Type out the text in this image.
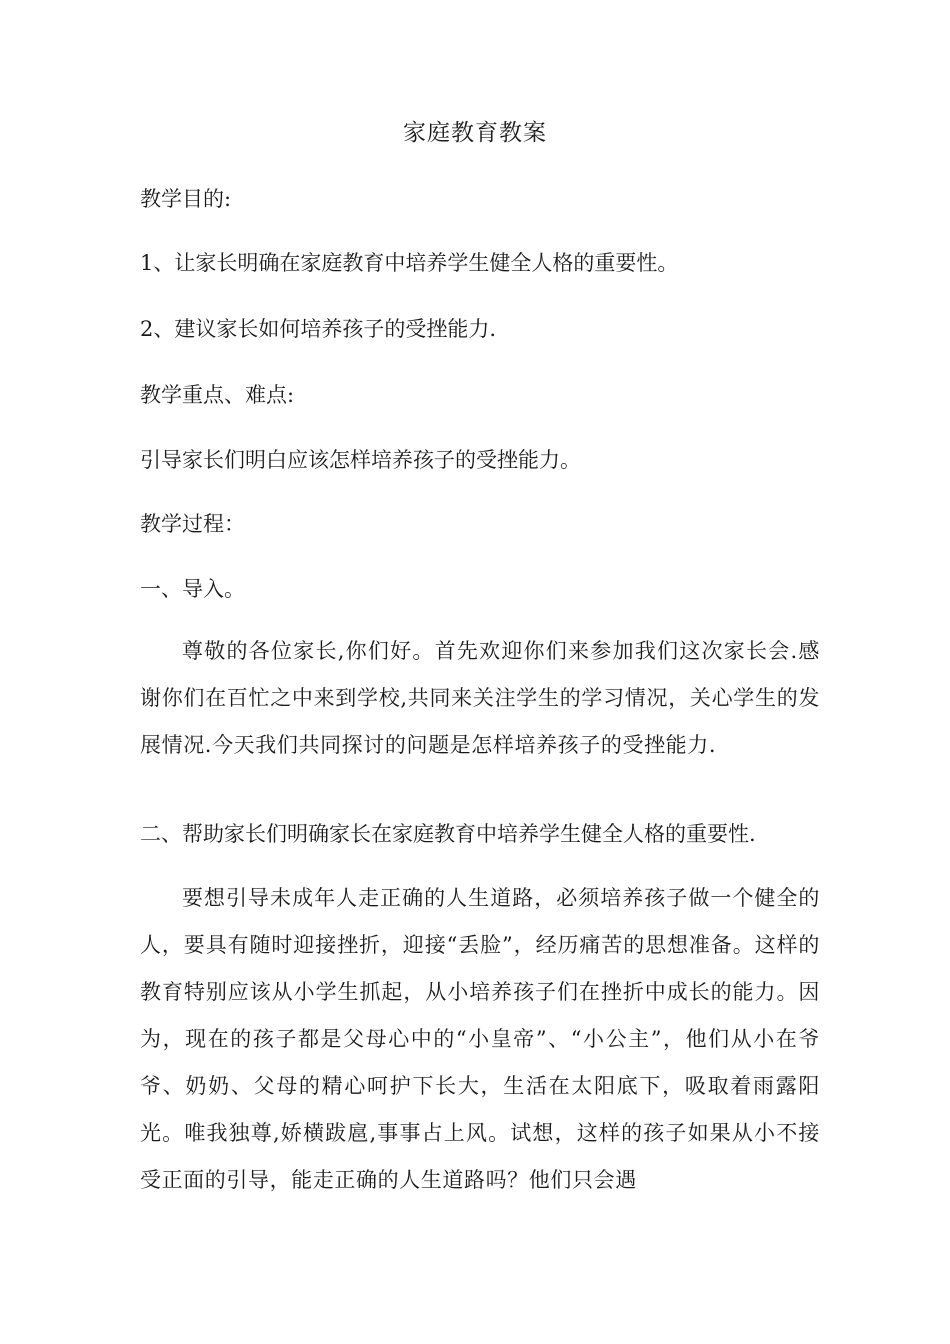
家庭教育教案
教学目的:
1、让家长明确在家庭教育中培养学生健全人格的重要性。
2、建议家长如何培养孩子的受挫能力.
教学重点、难点:
引导家长们明白应该怎样培养孩子的受挫能力。
教学过程：
一、导入。
尊敬的各位家长,你们好。首先欢迎你们来参加我们这次家长会.感谢你们在百忙之中来到学校,共同来关注学生的学习情况，关心学生的发展情况.今天我们共同探讨的问题是怎样培养孩子的受挫能力.
二、帮助家长们明确家长在家庭教育中培养学生健全人格的重要性.
要想引导未成年人走正确的人生道路，必须培养孩子做一个健全的人，要具有随时迎接挫折，迎接“丢脸”，经历痛苦的思想准备。这样的教育特别应该从小学生抓起，从小培养孩子们在挫折中成长的能力。因为，现在的孩子都是父母心中的“小皇帝”、“小公主”，他们从小在爷爷、奶奶、父母的精心呵护下长大，生活在太阳底下，吸取着雨露阳光。唯我独尊,娇横跋扈,事事占上风。试想，这样的孩子如果从小不接受正面的引导，能走正确的人生道路吗？他们只会遇
